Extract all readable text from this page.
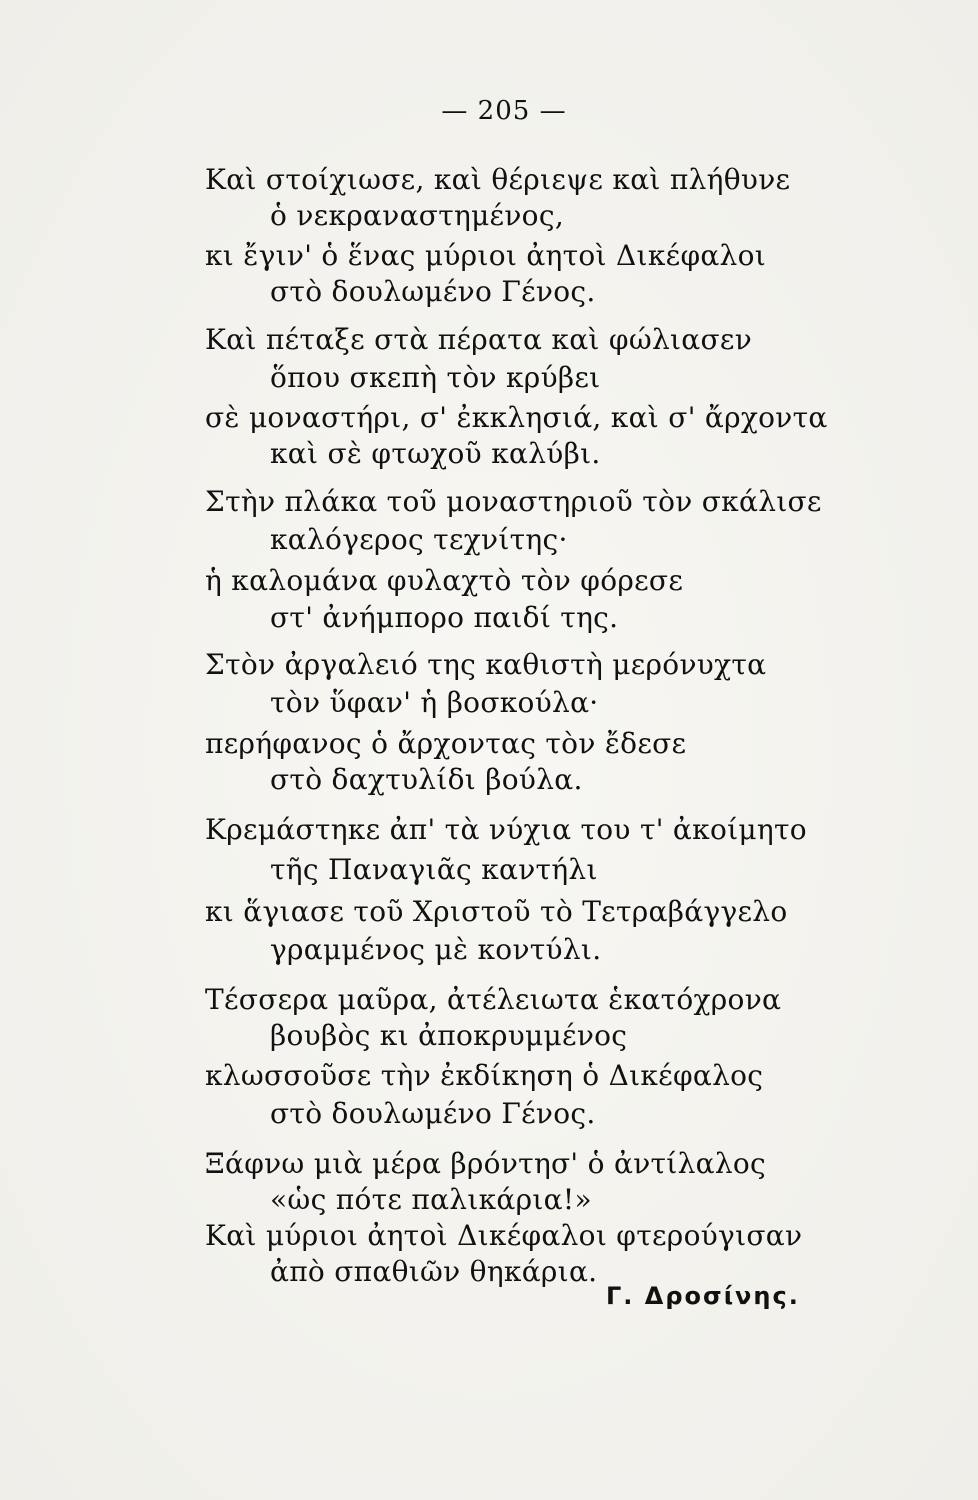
— 205 —
Καὶ στοίχιωσε, καὶ θέριεψε καὶ πλήθυνε
ὁ νεκραναστημένος,
κι ἔγιν' ὁ ἕνας μύριοι ἀητοὶ Δικέφαλοι
στὸ δουλωμένο Γένος.
Καὶ πέταξε στὰ πέρατα καὶ φώλιασεν
ὅπου σκεπὴ τὸν κρύβει
σὲ μοναστήρι, σ' ἐκκλησιά, καὶ σ' ἄρχοντα
καὶ σὲ φτωχοῦ καλύβι.
Στὴν πλάκα τοῦ μοναστηριοῦ τὸν σκάλισε
καλόγερος τεχνίτης·
ἡ καλομάνα φυλαχτὸ τὸν φόρεσε
στ' ἀνήμπορο παιδί της.
Στὸν ἀργαλειό της καθιστὴ μερόνυχτα
τὸν ὕφαν' ἡ βοσκούλα·
περήφανος ὁ ἄρχοντας τὸν ἔδεσε
στὸ δαχτυλίδι βούλα.
Κρεμάστηκε ἀπ' τὰ νύχια του τ' ἀκοίμητο
τῆς Παναγιᾶς καντήλι
κι ἅγιασε τοῦ Χριστοῦ τὸ Τετραβάγγελο
γραμμένος μὲ κοντύλι.
Τέσσερα μαῦρα, ἀτέλειωτα ἑκατόχρονα
βουβὸς κι ἀποκρυμμένος
κλωσσοῦσε τὴν ἐκδίκηση ὁ Δικέφαλος
στὸ δουλωμένο Γένος.
Ξάφνω μιὰ μέρα βρόντησ' ὁ ἀντίλαλος
«ὡς πότε παλικάρια!»
Καὶ μύριοι ἀητοὶ Δικέφαλοι φτερούγισαν
ἀπὸ σπαθιῶν θηκάρια.
Γ. Δροσίνης.
